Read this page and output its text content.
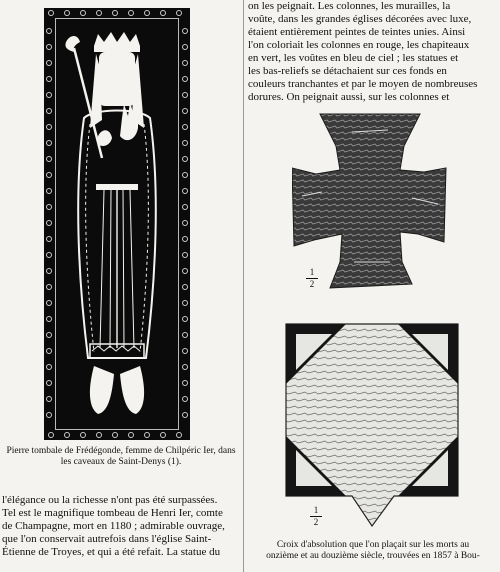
Pierre tombale de Frédégonde, femme de Chilpéric Ier, dans les caveaux de Saint-Denys (1).
l'élégance ou la richesse n'ont pas été surpassées.
Tel est le magnifique tombeau de Henri Ier, comte
de Champagne, mort en 1180 ; admirable ouvrage,
que l'on conservait autrefois dans l'église Saint-
Étienne de Troyes, et qui a été refait. La statue du
on les peignait. Les colonnes, les murailles, la
voûte, dans les grandes églises décorées avec luxe,
étaient entièrement peintes de teintes unies. Ainsi
l'on coloriait les colonnes en rouge, les chapiteaux
en vert, les voûtes en bleu de ciel ; les statues et
les bas-reliefs se détachaient sur ces fonds en
couleurs tranchantes et par le moyen de nombreuses
dorures. On peignait aussi, sur les colonnes et
1
2
1
2
Croix d'absolution que l'on plaçait sur les morts au
onzième et au douzième siècle, trouvées en 1857 à Bou-
